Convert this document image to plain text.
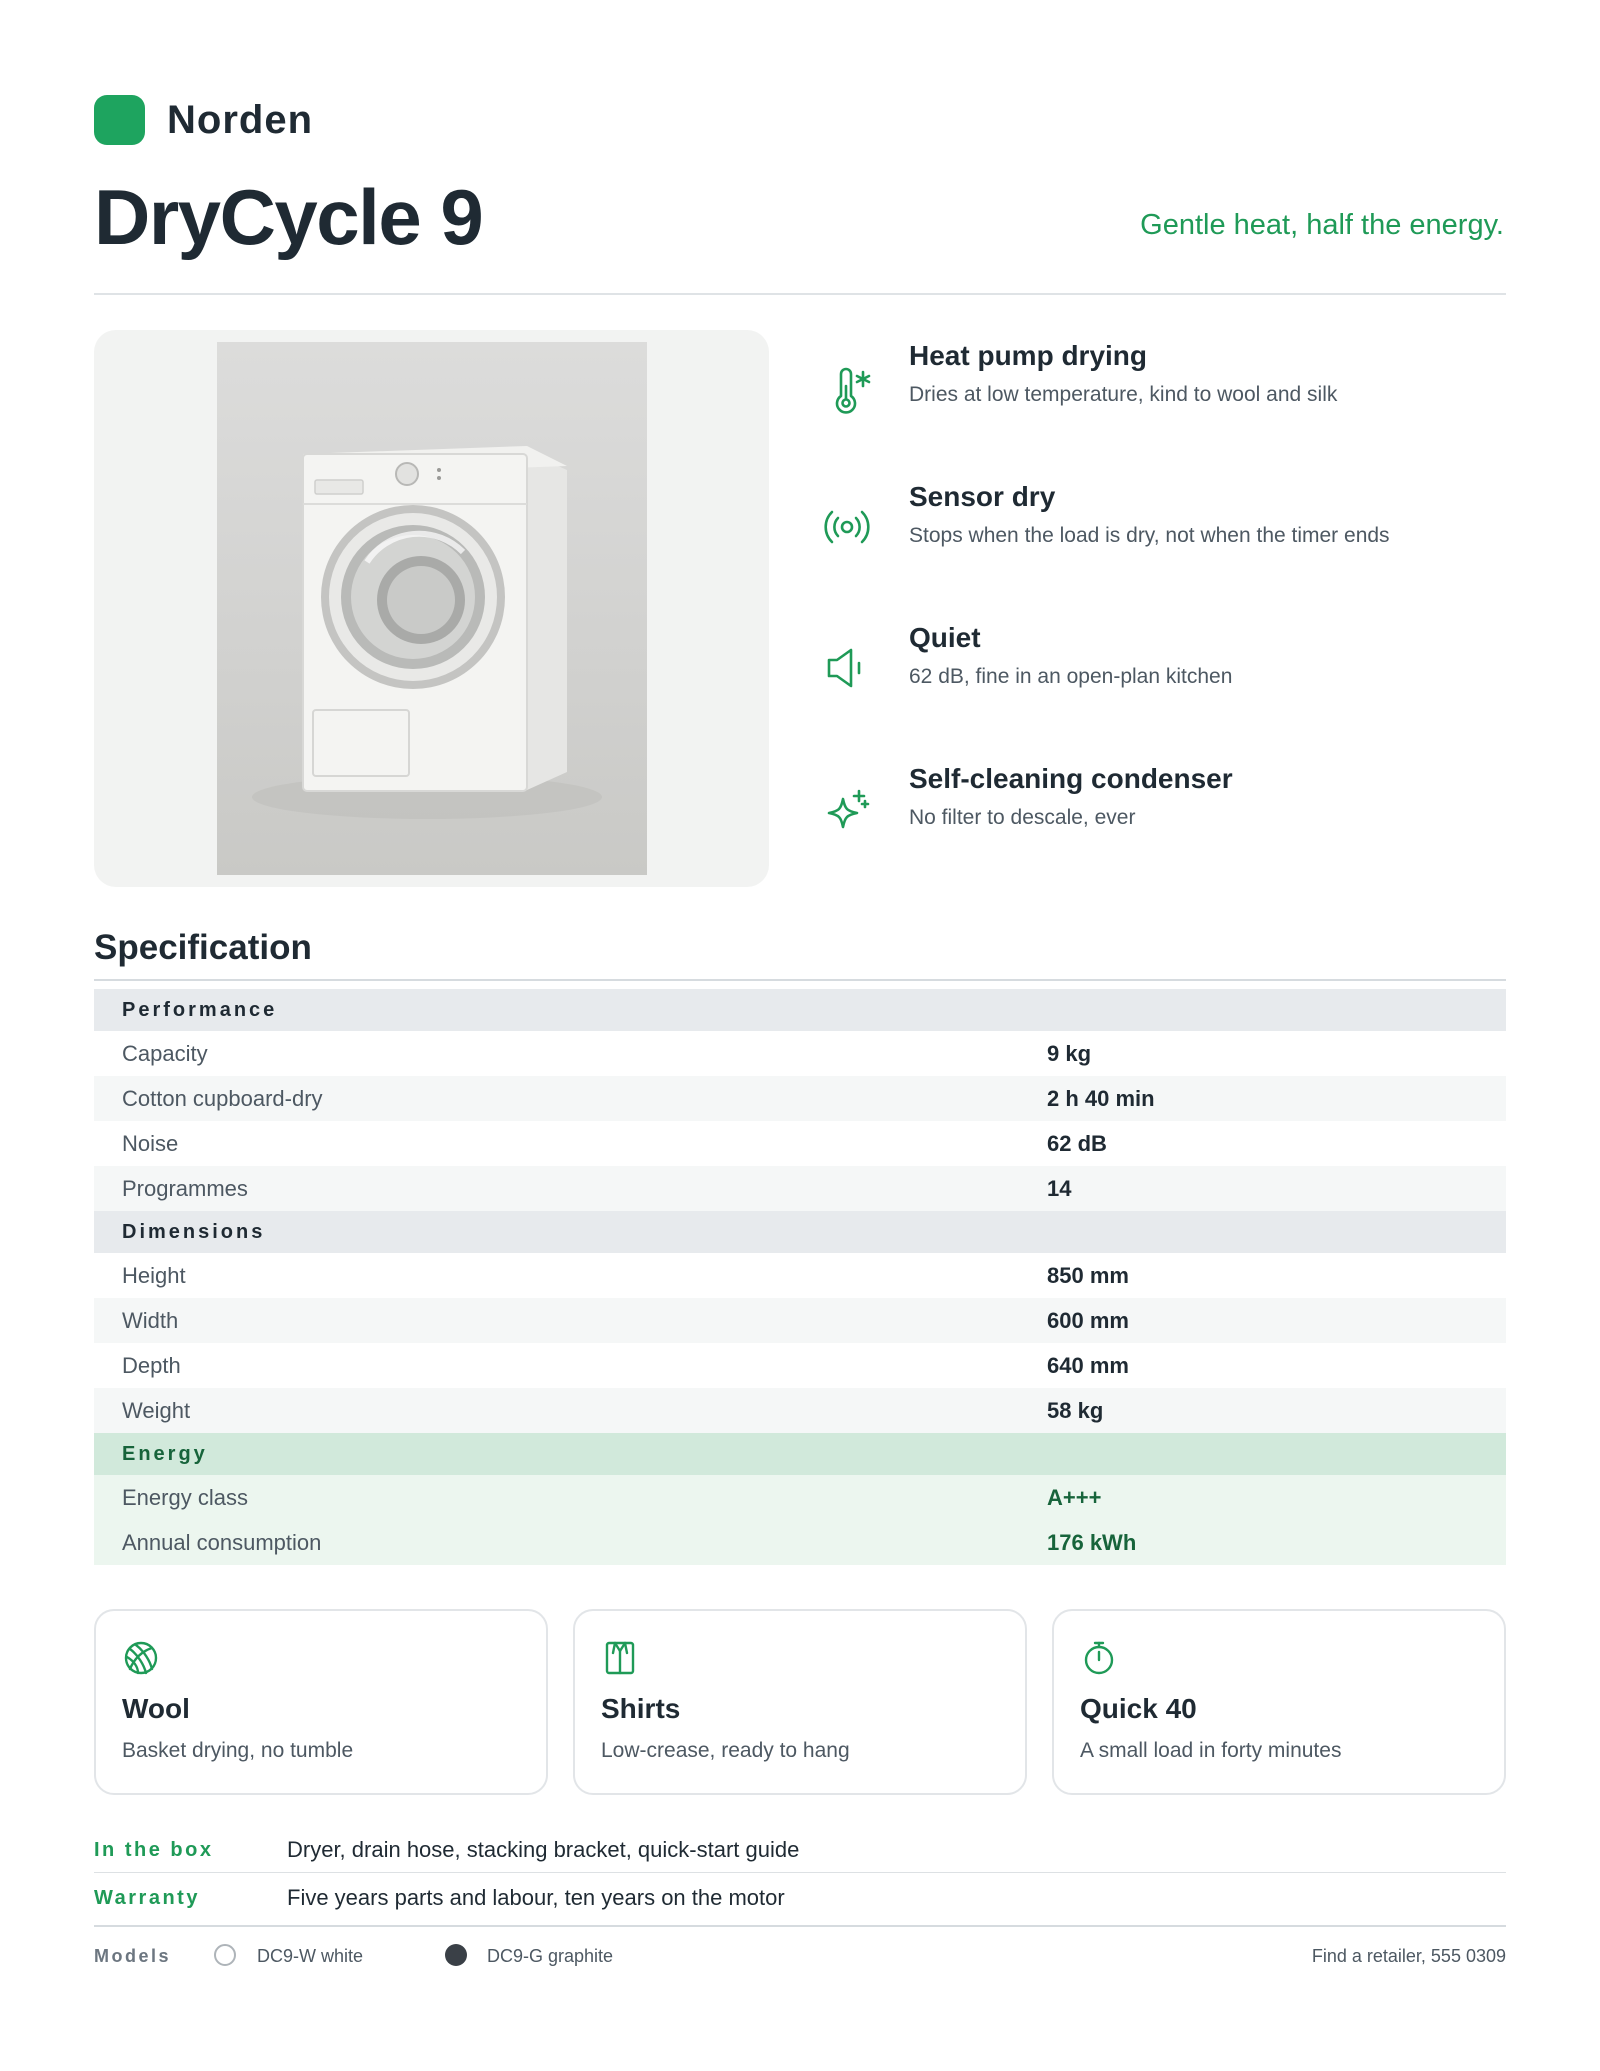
Norden
DryCycle 9	Gentle heat, half the energy.
Heat pump drying
Dries at low temperature, kind to wool and silk
Sensor dry
Stops when the load is dry, not when the timer ends
Quiet
62 dB, fine in an open-plan kitchen
Self-cleaning condenser
No filter to descale, ever
Specification
Performance
Capacity	9 kg
Cotton cupboard-dry	2 h 40 min
Noise	62 dB
Programmes	14
Dimensions
Height	850 mm
Width	600 mm
Depth	640 mm
Weight	58 kg
Energy
Energy class	A+++
Annual consumption	176 kWh
Wool
Basket drying, no tumble
Shirts
Low-crease, ready to hang
Quick 40
A small load in forty minutes
In the box	Dryer, drain hose, stacking bracket, quick-start guide
Warranty	Five years parts and labour, ten years on the motor
Models	DC9-W white	DC9-G graphite	Find a retailer, 555 0309
